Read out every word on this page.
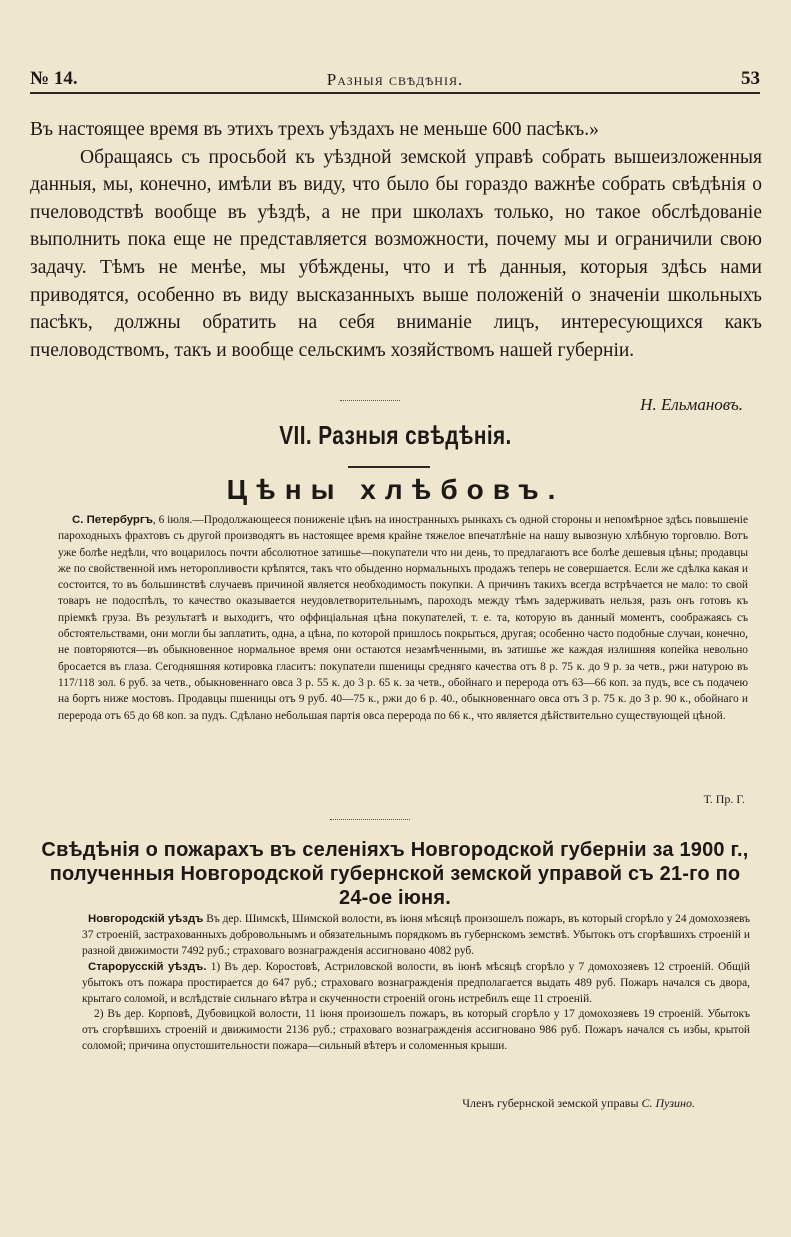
№ 14.	Разныя свѣдѣнія.	53

Въ настоящее время въ этихъ трехъ уѣздахъ не меньше 600 пасѣкъ.»

Обращаясь съ просьбой къ уѣздной земской управѣ собрать вышеизложенныя данныя, мы, конечно, имѣли въ виду, что было бы гораздо важнѣе собрать свѣдѣнія о пчеловодствѣ вообще въ уѣздѣ, а не при школахъ только, но такое обслѣдованіе выполнить пока еще не представляется возможности, почему мы и ограничили свою задачу. Тѣмъ не менѣе, мы убѣждены, что и тѣ данныя, которыя здѣсь нами приводятся, особенно въ виду высказанныхъ выше положеній о значеніи школьныхъ пасѣкъ, должны обратить на себя вниманіе лицъ, интересующихся какъ пчеловодствомъ, такъ и вообще сельскимъ хозяйствомъ нашей губерніи.

Н. Ельмановъ.
VII. Разныя свѣдѣнія.
Цѣны хлѣбовъ.

С. Петербургъ, 6 іюля.—Продолжающееся пониженіе цѣнъ на иностранныхъ рынкахъ съ одной стороны и непомѣрное здѣсь повышеніе пароходныхъ фрахтовъ съ другой производятъ въ настоящее время крайне тяжелое впечатлѣніе на нашу вывозную хлѣбную торговлю. Вотъ уже болѣе недѣли, что воцарилось почти абсолютное затишье—покупатели что ни день, то предлагаютъ все болѣе дешевыя цѣны; продавцы же по свойственной имъ неторопливости крѣпятся, такъ что обыденно нормальныхъ продажъ теперь не совершается. Если же сдѣлка какая и состоится, то въ большинствѣ случаевъ причиной является необходимость покупки. А причинъ такихъ всегда встрѣчается не мало: то свой товаръ не подоспѣлъ, то качество оказывается неудовлетворительнымъ, пароходъ между тѣмъ задерживать нельзя, разъ онъ готовъ къ пріемкѣ груза. Въ результатѣ и выходитъ, что оффиціальная цѣна покупателей, т. е. та, которую въ данный моментъ, соображаясь съ обстоятельствами, они могли бы заплатить, одна, а цѣна, по которой пришлось покрыться, другая; особенно часто подобные случаи, конечно, не повторяются—въ обыкновенное нормальное время они остаются незамѣченными, въ затишье же каждая излишняя копейка невольно бросается въ глаза. Сегодняшняя котировка гласитъ: покупатели пшеницы средняго качества отъ 8 р. 75 к. до 9 р. за четв., ржи натурою въ 117/118 зол. 6 руб. за четв., обыкновеннаго овса 3 р. 55 к. до 3 р. 65 к. за четв., обойнаго и перерода отъ 63—66 коп. за пудъ, все съ подачею на бортъ ниже мостовъ. Продавцы пшеницы отъ 9 руб. 40—75 к., ржи до 6 р. 40., обыкновеннаго овса отъ 3 р. 75 к. до 3 р. 90 к., обойнаго и перерода отъ 65 до 68 коп. за пудъ. Сдѣлано небольшая партія овса перерода по 66 к., что является дѣйствительно существующей цѣной.

Т. Пр. Г.
Свѣдѣнія о пожарахъ въ селеніяхъ Новгородской губерніи за 1900 г., полученныя Новгородской губернской земской управой съ 21-го по 24-ое іюня.

Новгородскій уѣздъ Въ дер. Шимскѣ, Шимской волости, въ іюня мѣсяцѣ произошелъ пожаръ, въ который сгорѣло у 24 домохозяевъ 37 строеній, застрахованныхъ добровольнымъ и обязательнымъ порядкомъ въ губернскомъ земствѣ. Убытокъ отъ сгорѣвшихъ строеній и разной движимости 7492 руб.; страховаго вознагражденія ассигновано 4082 руб.

Старорусскій уѣздъ. 1) Въ дер. Коростовѣ, Астриловской волости, въ іюнѣ мѣсяцѣ сгорѣло у 7 домохозяевъ 12 строеній. Общій убытокъ отъ пожара простирается до 647 руб.; страховаго вознагражденія предполагается выдать 489 руб. Пожаръ начался съ двора, крытаго соломой, и вслѣдствіе сильнаго вѣтра и скученности строеній огонь истребилъ еще 11 строеній.

2) Въ дер. Корповѣ, Дубовицкой волости, 11 іюня произошелъ пожаръ, въ который сгорѣло у 17 домохозяевъ 19 строеній. Убытокъ отъ сгорѣвшихъ строеній и движимости 2136 руб.; страховаго вознагражденія ассигновано 986 руб. Пожаръ начался съ избы, крытой соломой; причина опустошительности пожара—сильный вѣтеръ и соломенныя крыши.

Членъ губернской земской управы С. Пузино.
